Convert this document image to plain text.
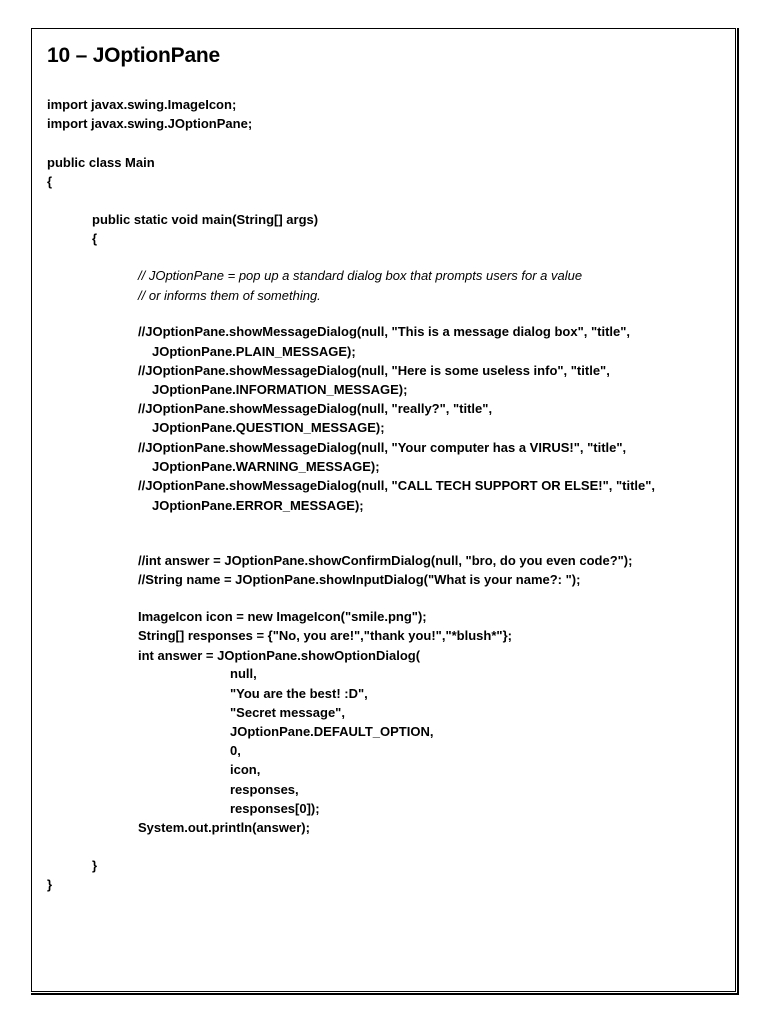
10 – JOptionPane
import javax.swing.ImageIcon;
import javax.swing.JOptionPane;
public class Main
{
public static void main(String[] args)
{
// JOptionPane = pop up a standard dialog box that prompts users for a value
// or informs them of something.
//JOptionPane.showMessageDialog(null, "This is a message dialog box", "title",
JOptionPane.PLAIN_MESSAGE);
//JOptionPane.showMessageDialog(null, "Here is some useless info", "title",
JOptionPane.INFORMATION_MESSAGE);
//JOptionPane.showMessageDialog(null, "really?", "title",
JOptionPane.QUESTION_MESSAGE);
//JOptionPane.showMessageDialog(null, "Your computer has a VIRUS!", "title",
JOptionPane.WARNING_MESSAGE);
//JOptionPane.showMessageDialog(null, "CALL TECH SUPPORT OR ELSE!", "title",
JOptionPane.ERROR_MESSAGE);
//int answer = JOptionPane.showConfirmDialog(null, "bro, do you even code?");
//String name = JOptionPane.showInputDialog("What is your name?: ");
ImageIcon icon = new ImageIcon("smile.png");
String[] responses = {"No, you are!","thank you!","*blush*"};
int answer = JOptionPane.showOptionDialog(
null,
"You are the best! :D",
"Secret message",
JOptionPane.DEFAULT_OPTION,
0,
icon,
responses,
responses[0]);
System.out.println(answer);
}
}
